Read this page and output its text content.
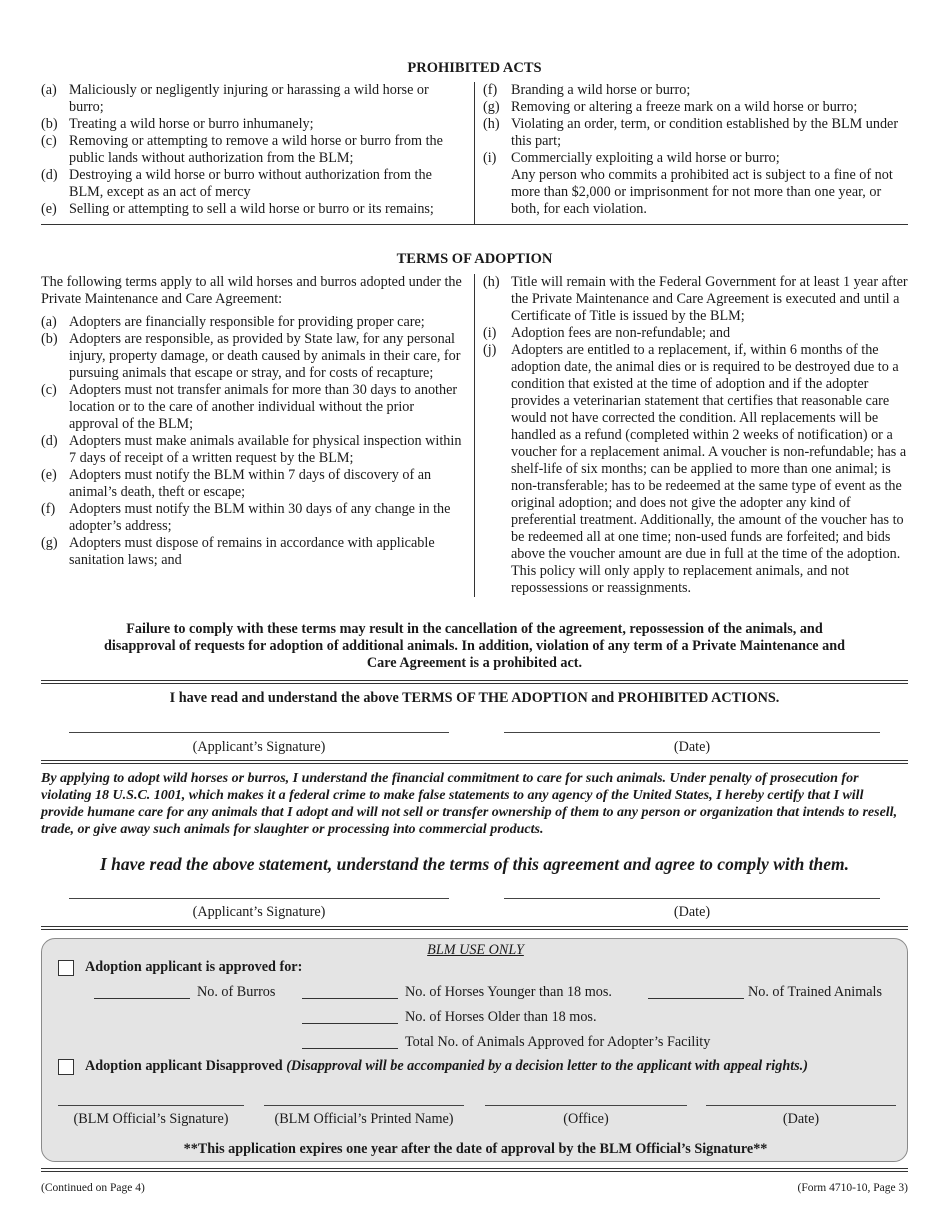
PROHIBITED ACTS
(a) Maliciously or negligently injuring or harassing a wild horse or burro;
(b) Treating a wild horse or burro inhumanely;
(c) Removing or attempting to remove a wild horse or burro from the public lands without authorization from the BLM;
(d) Destroying a wild horse or burro without authorization from the BLM, except as an act of mercy
(e) Selling or attempting to sell a wild horse or burro or its remains;
(f) Branding a wild horse or burro;
(g) Removing or altering a freeze mark on a wild horse or burro;
(h) Violating an order, term, or condition established by the BLM under this part;
(i)	Commercially exploiting a wild horse or burro;
Any person who commits a prohibited act is subject to a fine of not more than $2,000 or imprisonment for not more than one year, or both, for each violation.
TERMS OF ADOPTION
The following terms apply to all wild horses and burros adopted under the Private Maintenance and Care Agreement:
(a) Adopters are financially responsible for providing proper care;
(b) Adopters are responsible, as provided by State law, for any personal injury, property damage, or death caused by animals in their care, for pursuing animals that escape or stray, and for costs of recapture;
(c) Adopters must not transfer animals for more than 30 days to another location or to the care of another individual without the prior approval of the BLM;
(d) Adopters must make animals available for physical inspection within 7 days of receipt of a written request by the BLM;
(e) Adopters must notify the BLM within 7 days of discovery of an animal’s death, theft or escape;
(f) Adopters must notify the BLM within 30 days of any change in the adopter’s address;
(g) Adopters must dispose of remains in accordance with applicable sanitation laws; and
(h) Title will remain with the Federal Government for at least 1 year after the Private Maintenance and Care Agreement is executed and until a Certificate of Title is issued by the BLM;
(i)	Adoption fees are non-refundable; and
(j)	Adopters are entitled to a replacement, if, within 6 months of the adoption date, the animal dies or is required to be destroyed due to a condition that existed at the time of adoption and if the adopter provides a veterinarian statement that certifies that reasonable care would not have corrected the condition. All replacements will be handled as a refund (completed within 2 weeks of notification) or a voucher for a replacement animal. A voucher is non-refundable; has a shelf-life of six months; can be applied to more than one animal; is non-transferable; has to be redeemed at the same type of event as the original adoption; and does not give the adopter any kind of preferential treatment. Additionally, the amount of the voucher has to be redeemed all at one time; non-used funds are forfeited; and bids above the voucher amount are due in full at the time of the adoption. This policy will only apply to replacement animals, and not repossessions or reassignments.
Failure to comply with these terms may result in the cancellation of the agreement, repossession of the animals, and disapproval of requests for adoption of additional animals. In addition, violation of any term of a Private Maintenance and Care Agreement is a prohibited act.
I have read and understand the above TERMS OF THE ADOPTION and PROHIBITED ACTIONS.
(Applicant’s Signature)	(Date)
By applying to adopt wild horses or burros, I understand the financial commitment to care for such animals. Under penalty of prosecution for violating 18 U.S.C. 1001, which makes it a federal crime to make false statements to any agency of the United States, I hereby certify that I will provide humane care for any animals that I adopt and will not sell or transfer ownership of them to any person or organization that intends to resell, trade, or give away such animals for slaughter or processing into commercial products.
I have read the above statement, understand the terms of this agreement and agree to comply with them.
(Applicant’s Signature)	(Date)
BLM USE ONLY
Adoption applicant is approved for:
No. of Burros	No. of Horses Younger than 18 mos.	No. of Trained Animals
No. of Horses Older than 18 mos.
Total No. of Animals Approved for Adopter’s Facility
Adoption applicant Disapproved (Disapproval will be accompanied by a decision letter to the applicant with appeal rights.)
(BLM Official’s Signature)	(BLM Official’s Printed Name)	(Office)	(Date)
**This application expires one year after the date of approval by the BLM Official’s Signature**
(Continued on Page 4)	(Form 4710-10, Page 3)
